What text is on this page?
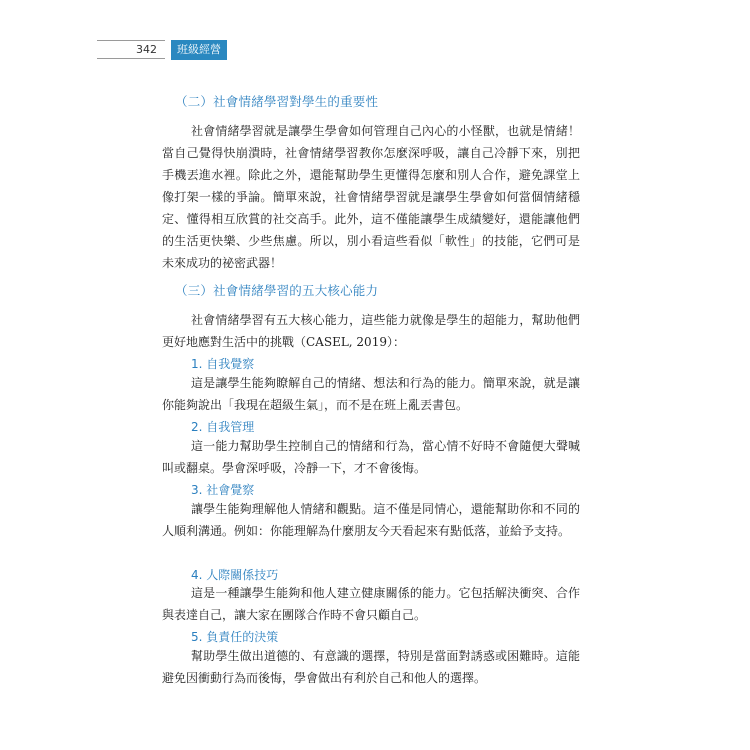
342	班級經營
（二）社會情緒學習對學生的重要性

社會情緒學習就是讓學生學會如何管理自己內心的小怪獸，也就是情緒！當自己覺得快崩潰時，社會情緒學習教你怎麼深呼吸，讓自己冷靜下來，別把手機丟進水裡。除此之外，還能幫助學生更懂得怎麼和別人合作，避免課堂上像打架一樣的爭論。簡單來說，社會情緒學習就是讓學生學會如何當個情緒穩定、懂得相互欣賞的社交高手。此外，這不僅能讓學生成績變好，還能讓他們的生活更快樂、少些焦慮。所以，別小看這些看似「軟性」的技能，它們可是未來成功的祕密武器！

（三）社會情緒學習的五大核心能力

社會情緒學習有五大核心能力，這些能力就像是學生的超能力，幫助他們更好地應對生活中的挑戰（CASEL, 2019）：

1. 自我覺察

這是讓學生能夠瞭解自己的情緒、想法和行為的能力。簡單來說，就是讓你能夠說出「我現在超級生氣」，而不是在班上亂丟書包。

2. 自我管理

這一能力幫助學生控制自己的情緒和行為，當心情不好時不會隨便大聲喊叫或翻桌。學會深呼吸，冷靜一下，才不會後悔。

3. 社會覺察

讓學生能夠理解他人情緒和觀點。這不僅是同情心，還能幫助你和不同的人順利溝通。例如：你能理解為什麼朋友今天看起來有點低落，並給予支持。

4. 人際關係技巧

這是一種讓學生能夠和他人建立健康關係的能力。它包括解決衝突、合作與表達自己，讓大家在團隊合作時不會只顧自己。

5. 負責任的決策

幫助學生做出道德的、有意識的選擇，特別是當面對誘惑或困難時。這能避免因衝動行為而後悔，學會做出有利於自己和他人的選擇。
